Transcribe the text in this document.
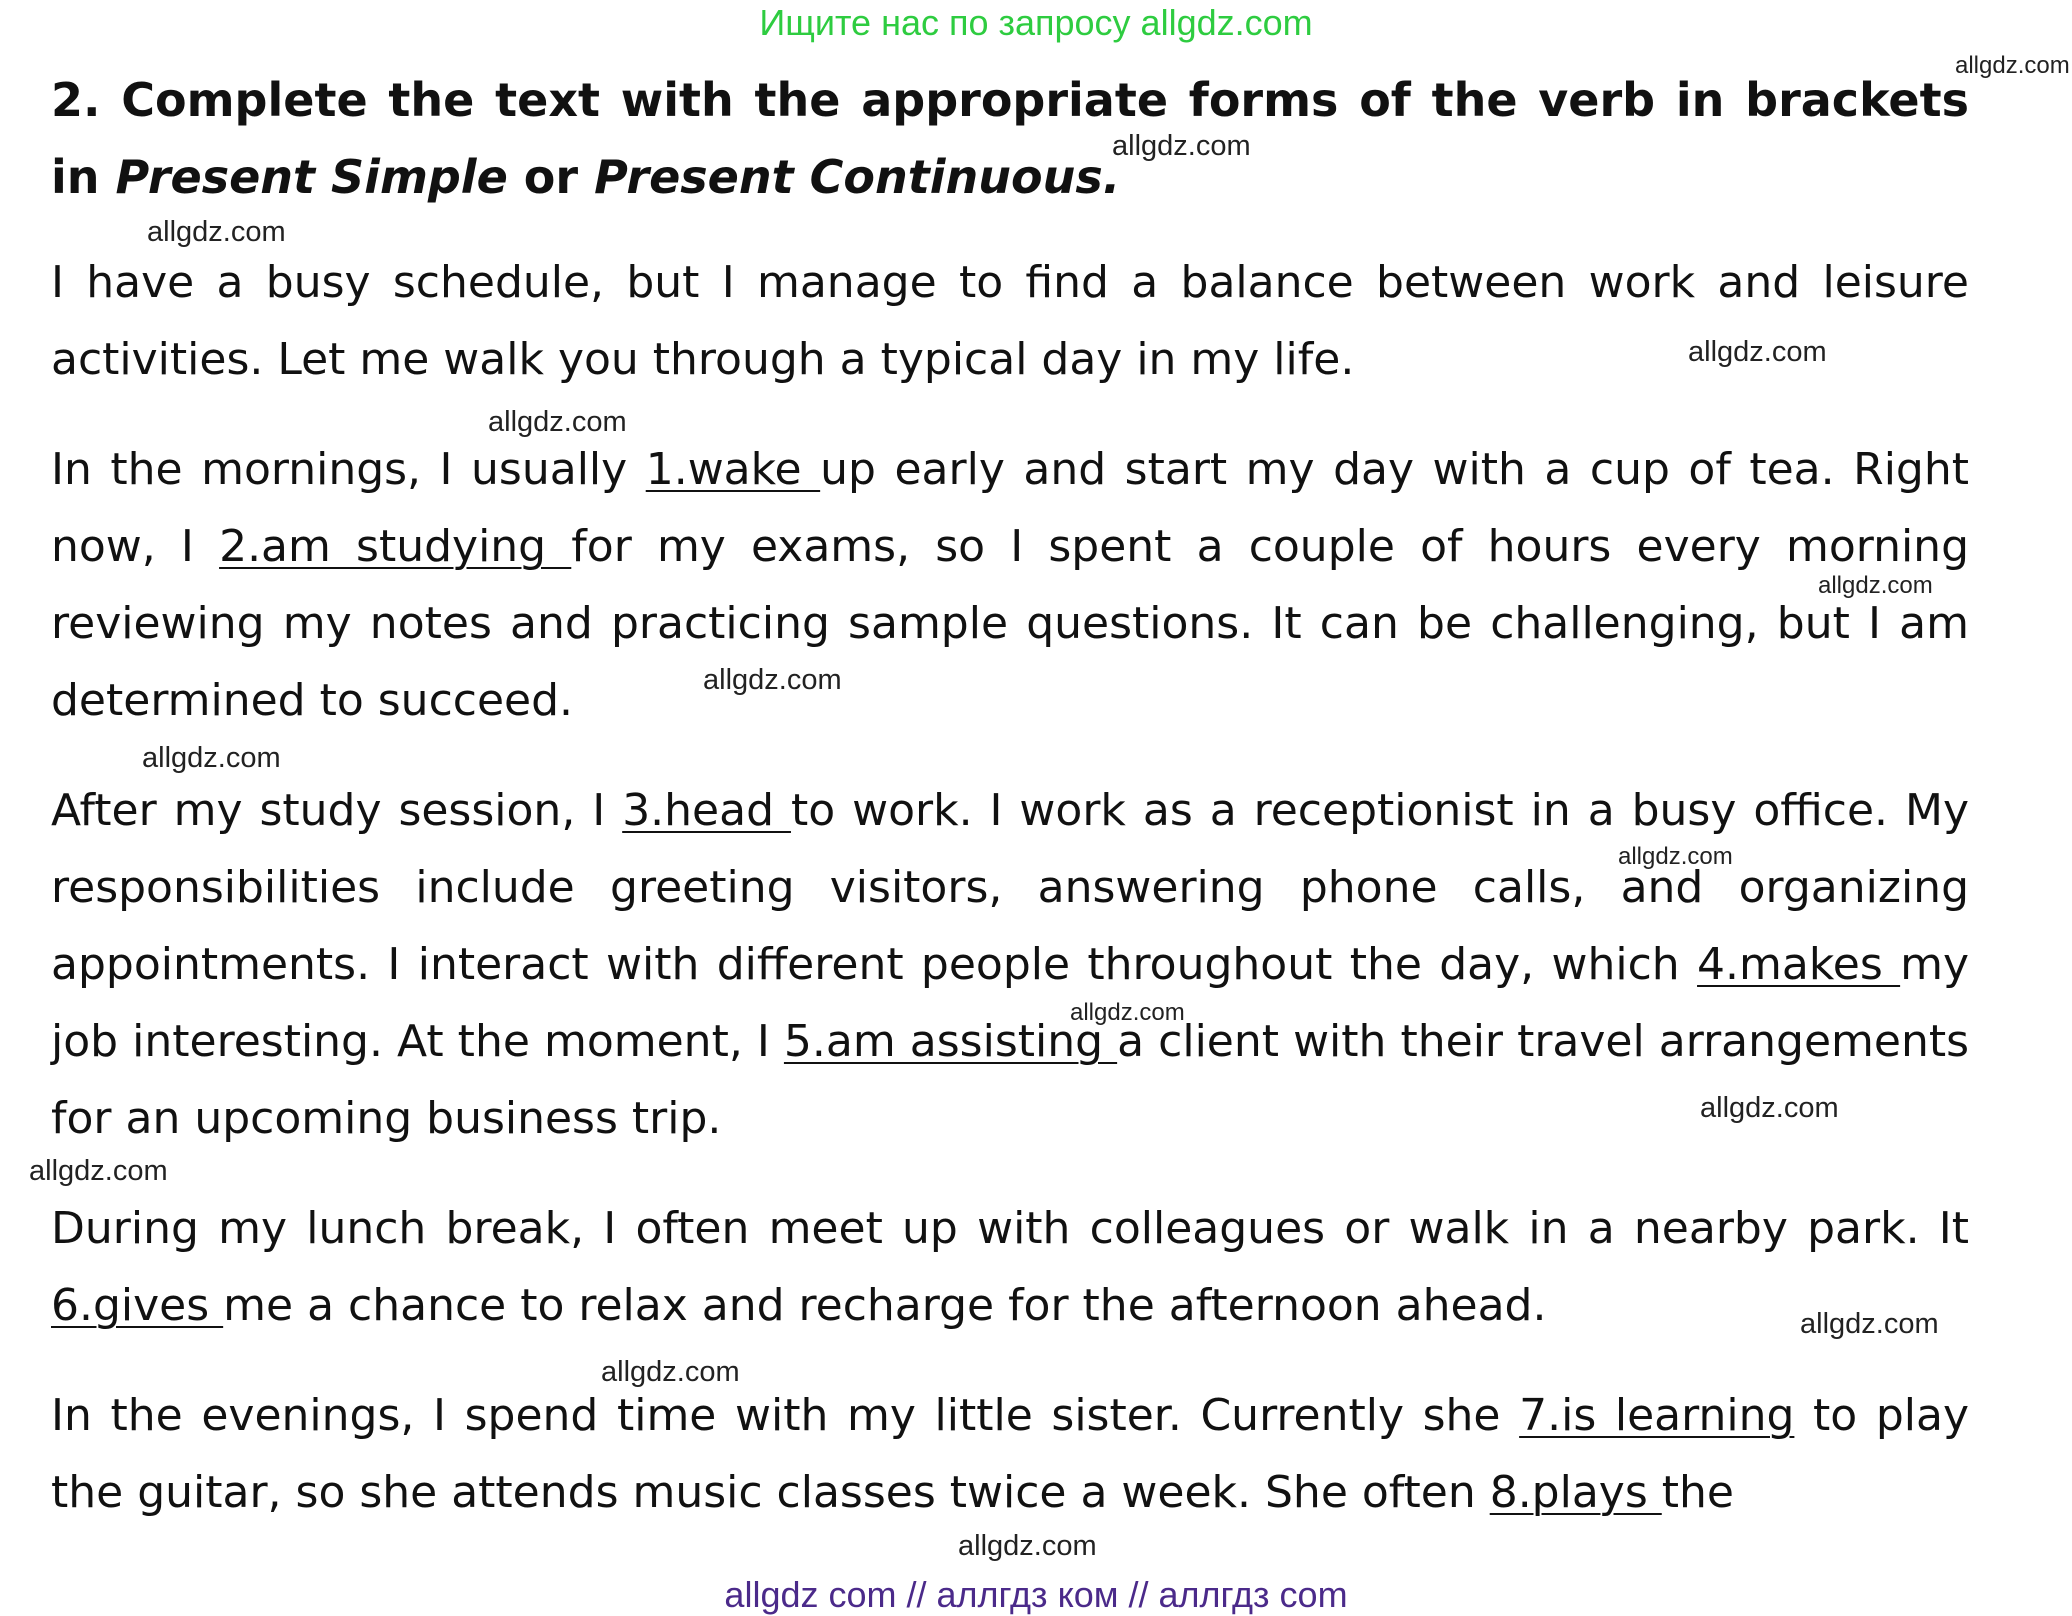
Ищите нас по запросу allgdz.com

2. Complete the text with the appropriate forms of the verb in brackets in Present Simple or Present Continuous.

I have a busy schedule, but I manage to find a balance between work and leisure activities. Let me walk you through a typical day in my life.

In the mornings, I usually 1.wake up early and start my day with a cup of tea. Right now, I 2.am studying for my exams, so I spent a couple of hours every morning reviewing my notes and practicing sample questions. It can be challenging, but I am determined to succeed.

After my study session, I 3.head to work. I work as a receptionist in a busy office. My responsibilities include greeting visitors, answering phone calls, and organizing appointments. I interact with different people throughout the day, which 4.makes my job interesting. At the moment, I 5.am assisting a client with their travel arrangements for an upcoming business trip.

During my lunch break, I often meet up with colleagues or walk in a nearby park. It 6.gives me a chance to relax and recharge for the afternoon ahead.

In the evenings, I spend time with my little sister. Currently she 7.is learning to play the guitar, so she attends music classes twice a week. She often 8.plays the

allgdz.com
allgdz.com
allgdz.com
allgdz.com
allgdz.com
allgdz.com
allgdz.com
allgdz.com
allgdz.com
allgdz.com
allgdz.com
allgdz.com
allgdz.com
allgdz.com
allgdz.com
allgdz com // аллгдз ком // аллгдз com
